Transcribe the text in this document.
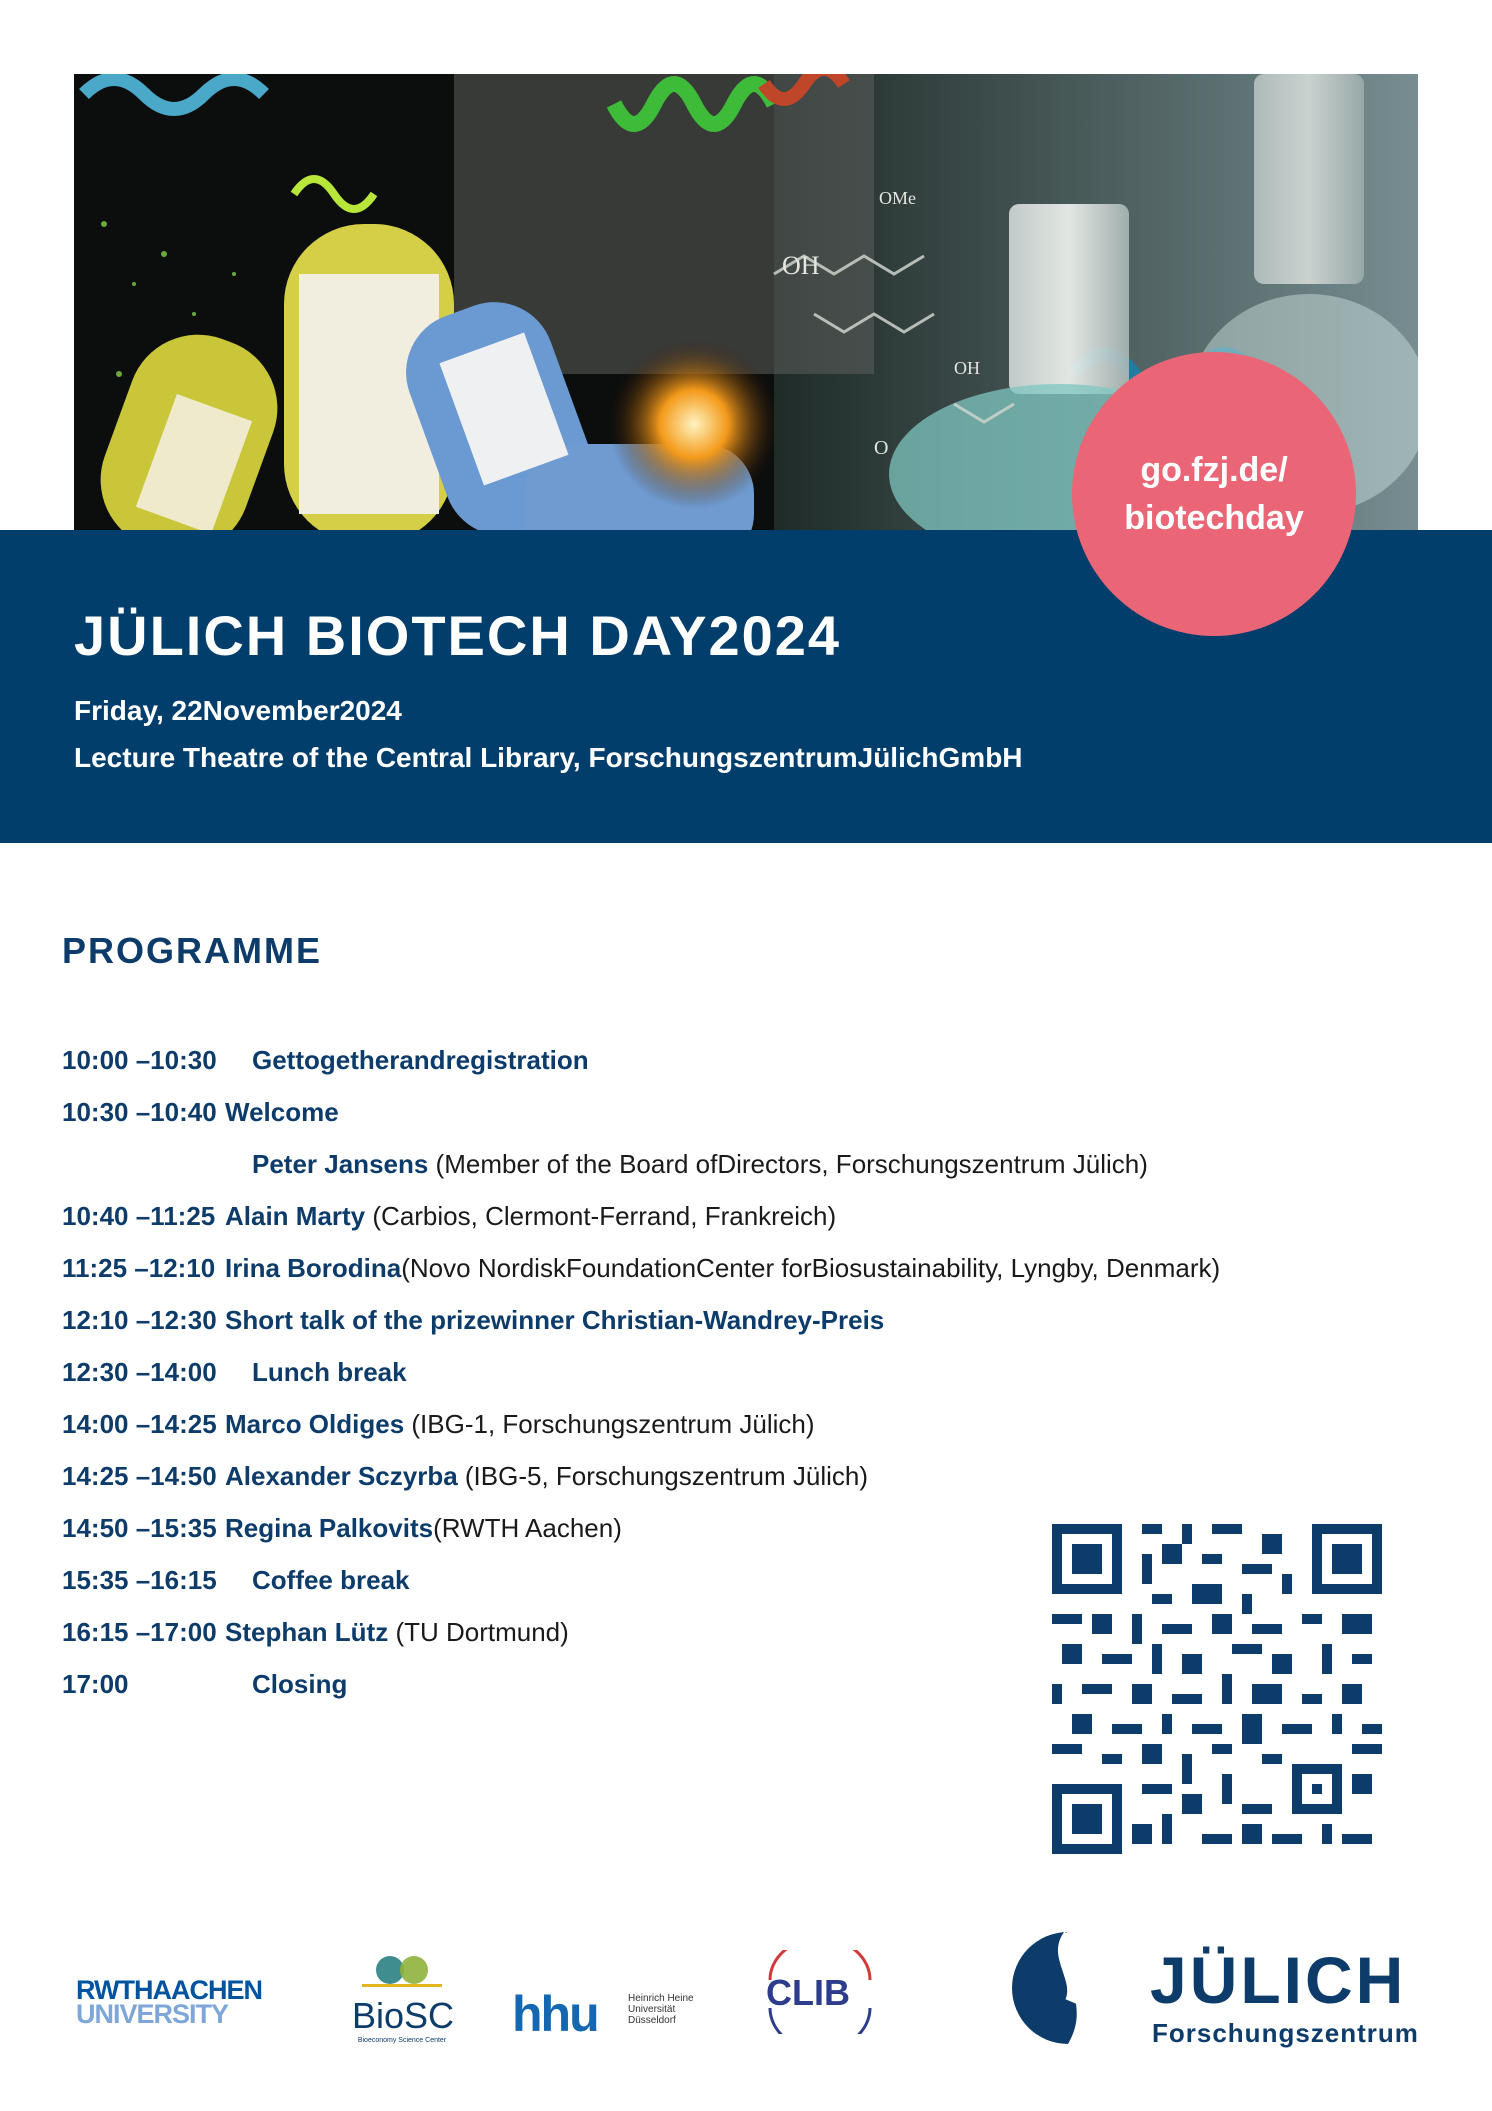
OH
OMe
OH
O
JÜLICH BIOTECH DAY2024
Friday, 22November2024
Lecture Theatre of the Central Library, ForschungszentrumJülichGmbH
go.fzj.de/
biotechday
PROGRAMME
10:00 –10:30	Gettogetherandregistration
10:30 –10:40 Welcome
Peter Jansens (Member of the Board ofDirectors, Forschungszentrum Jülich)
10:40 –11:25 Alain Marty (Carbios, Clermont-Ferrand, Frankreich)
11:25 –12:10 Irina Borodina(Novo NordiskFoundationCenter forBiosustainability, Lyngby, Denmark)
12:10 –12:30 Short talk of the prizewinner Christian-Wandrey-Preis
12:30 –14:00	Lunch break
14:00 –14:25 Marco Oldiges (IBG-1, Forschungszentrum Jülich)
14:25 –14:50 Alexander Sczyrba (IBG-5, Forschungszentrum Jülich)
14:50 –15:35 Regina Palkovits(RWTH Aachen)
15:35 –16:15	Coffee break
16:15 –17:00 Stephan Lütz (TU Dortmund)
17:00	Closing
RWTHAACHEN
UNIVERSITY	BioSC
Bioeconomy Science Center hhu	Heinrich Heine Universität Düsseldorf
CLIB	JÜLICH
Forschungszentrum
